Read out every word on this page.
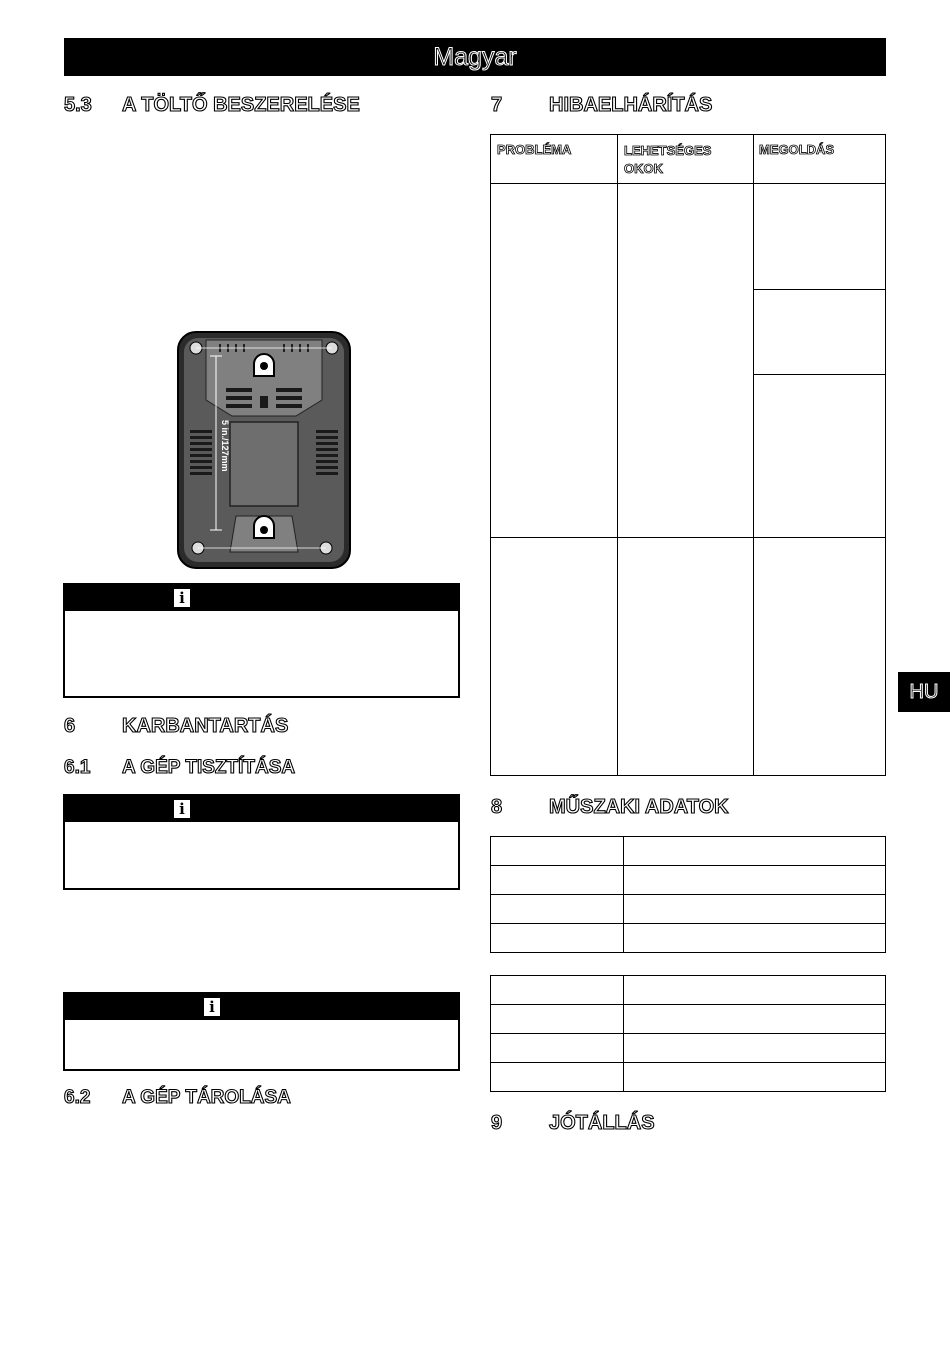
Magyar
5.3 A TÖLTŐ BESZERELÉSE
5 in./127mm
i
6 KARBANTARTÁS
6.1 A GÉP TISZTÍTÁSA
i
i
6.2 A GÉP TÁROLÁSA
7 HIBAELHÁRÍTÁS
PROBLÉMA	LEHETSÉGES
OKOK
MEGOLDÁS
8 MŰSZAKI ADATOK
9 JÓTÁLLÁS
HU
